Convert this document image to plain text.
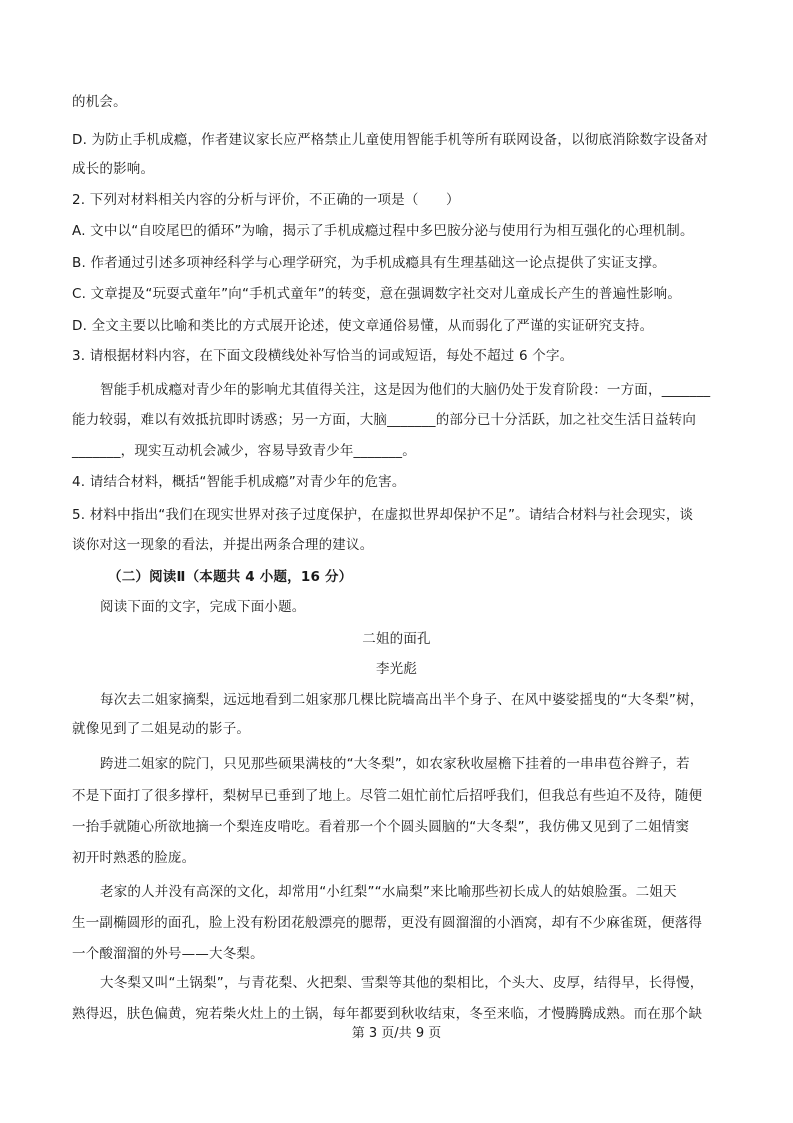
的机会。
D. 为防止手机成瘾，作者建议家长应严格禁止儿童使用智能手机等所有联网设备，以彻底消除数字设备对
成长的影响。
2. 下列对材料相关内容的分析与评价，不正确的一项是（　　）
A. 文中以“自咬尾巴的循环”为喻，揭示了手机成瘾过程中多巴胺分泌与使用行为相互强化的心理机制。
B. 作者通过引述多项神经科学与心理学研究，为手机成瘾具有生理基础这一论点提供了实证支撑。
C. 文章提及“玩耍式童年”向“手机式童年”的转变，意在强调数字社交对儿童成长产生的普遍性影响。
D. 全文主要以比喻和类比的方式展开论述，使文章通俗易懂，从而弱化了严谨的实证研究支持。
3. 请根据材料内容，在下面文段横线处补写恰当的词或短语，每处不超过 6 个字。
智能手机成瘾对青少年的影响尤其值得关注，这是因为他们的大脑仍处于发育阶段：一方面，_______
能力较弱，难以有效抵抗即时诱惑；另一方面，大脑_______的部分已十分活跃，加之社交生活日益转向
_______，现实互动机会减少，容易导致青少年_______。
4. 请结合材料，概括“智能手机成瘾”对青少年的危害。
5. 材料中指出“我们在现实世界对孩子过度保护，在虚拟世界却保护不足”。请结合材料与社会现实，谈
谈你对这一现象的看法，并提出两条合理的建议。
（二）阅读Ⅱ（本题共 4 小题，16 分）
阅读下面的文字，完成下面小题。
二姐的面孔
李光彪
每次去二姐家摘梨，远远地看到二姐家那几棵比院墙高出半个身子、在风中婆娑摇曳的“大冬梨”树，
就像见到了二姐晃动的影子。
跨进二姐家的院门，只见那些硕果满枝的“大冬梨”，如农家秋收屋檐下挂着的一串串苞谷辫子，若
不是下面打了很多撑杆，梨树早已垂到了地上。尽管二姐忙前忙后招呼我们，但我总有些迫不及待，随便
一抬手就随心所欲地摘一个梨连皮啃吃。看着那一个个圆头圆脑的“大冬梨”，我仿佛又见到了二姐情窦
初开时熟悉的脸庞。
老家的人并没有高深的文化，却常用“小红梨”“水扁梨”来比喻那些初长成人的姑娘脸蛋。二姐天
生一副椭圆形的面孔，脸上没有粉团花般漂亮的腮帮，更没有圆溜溜的小酒窝，却有不少麻雀斑，便落得
一个酸溜溜的外号——大冬梨。
大冬梨又叫“土锅梨”，与青花梨、火把梨、雪梨等其他的梨相比，个头大、皮厚，结得早，长得慢，
熟得迟，肤色偏黄，宛若柴火灶上的土锅，每年都要到秋收结束，冬至来临，才慢腾腾成熟。而在那个缺
第 3 页/共 9 页
